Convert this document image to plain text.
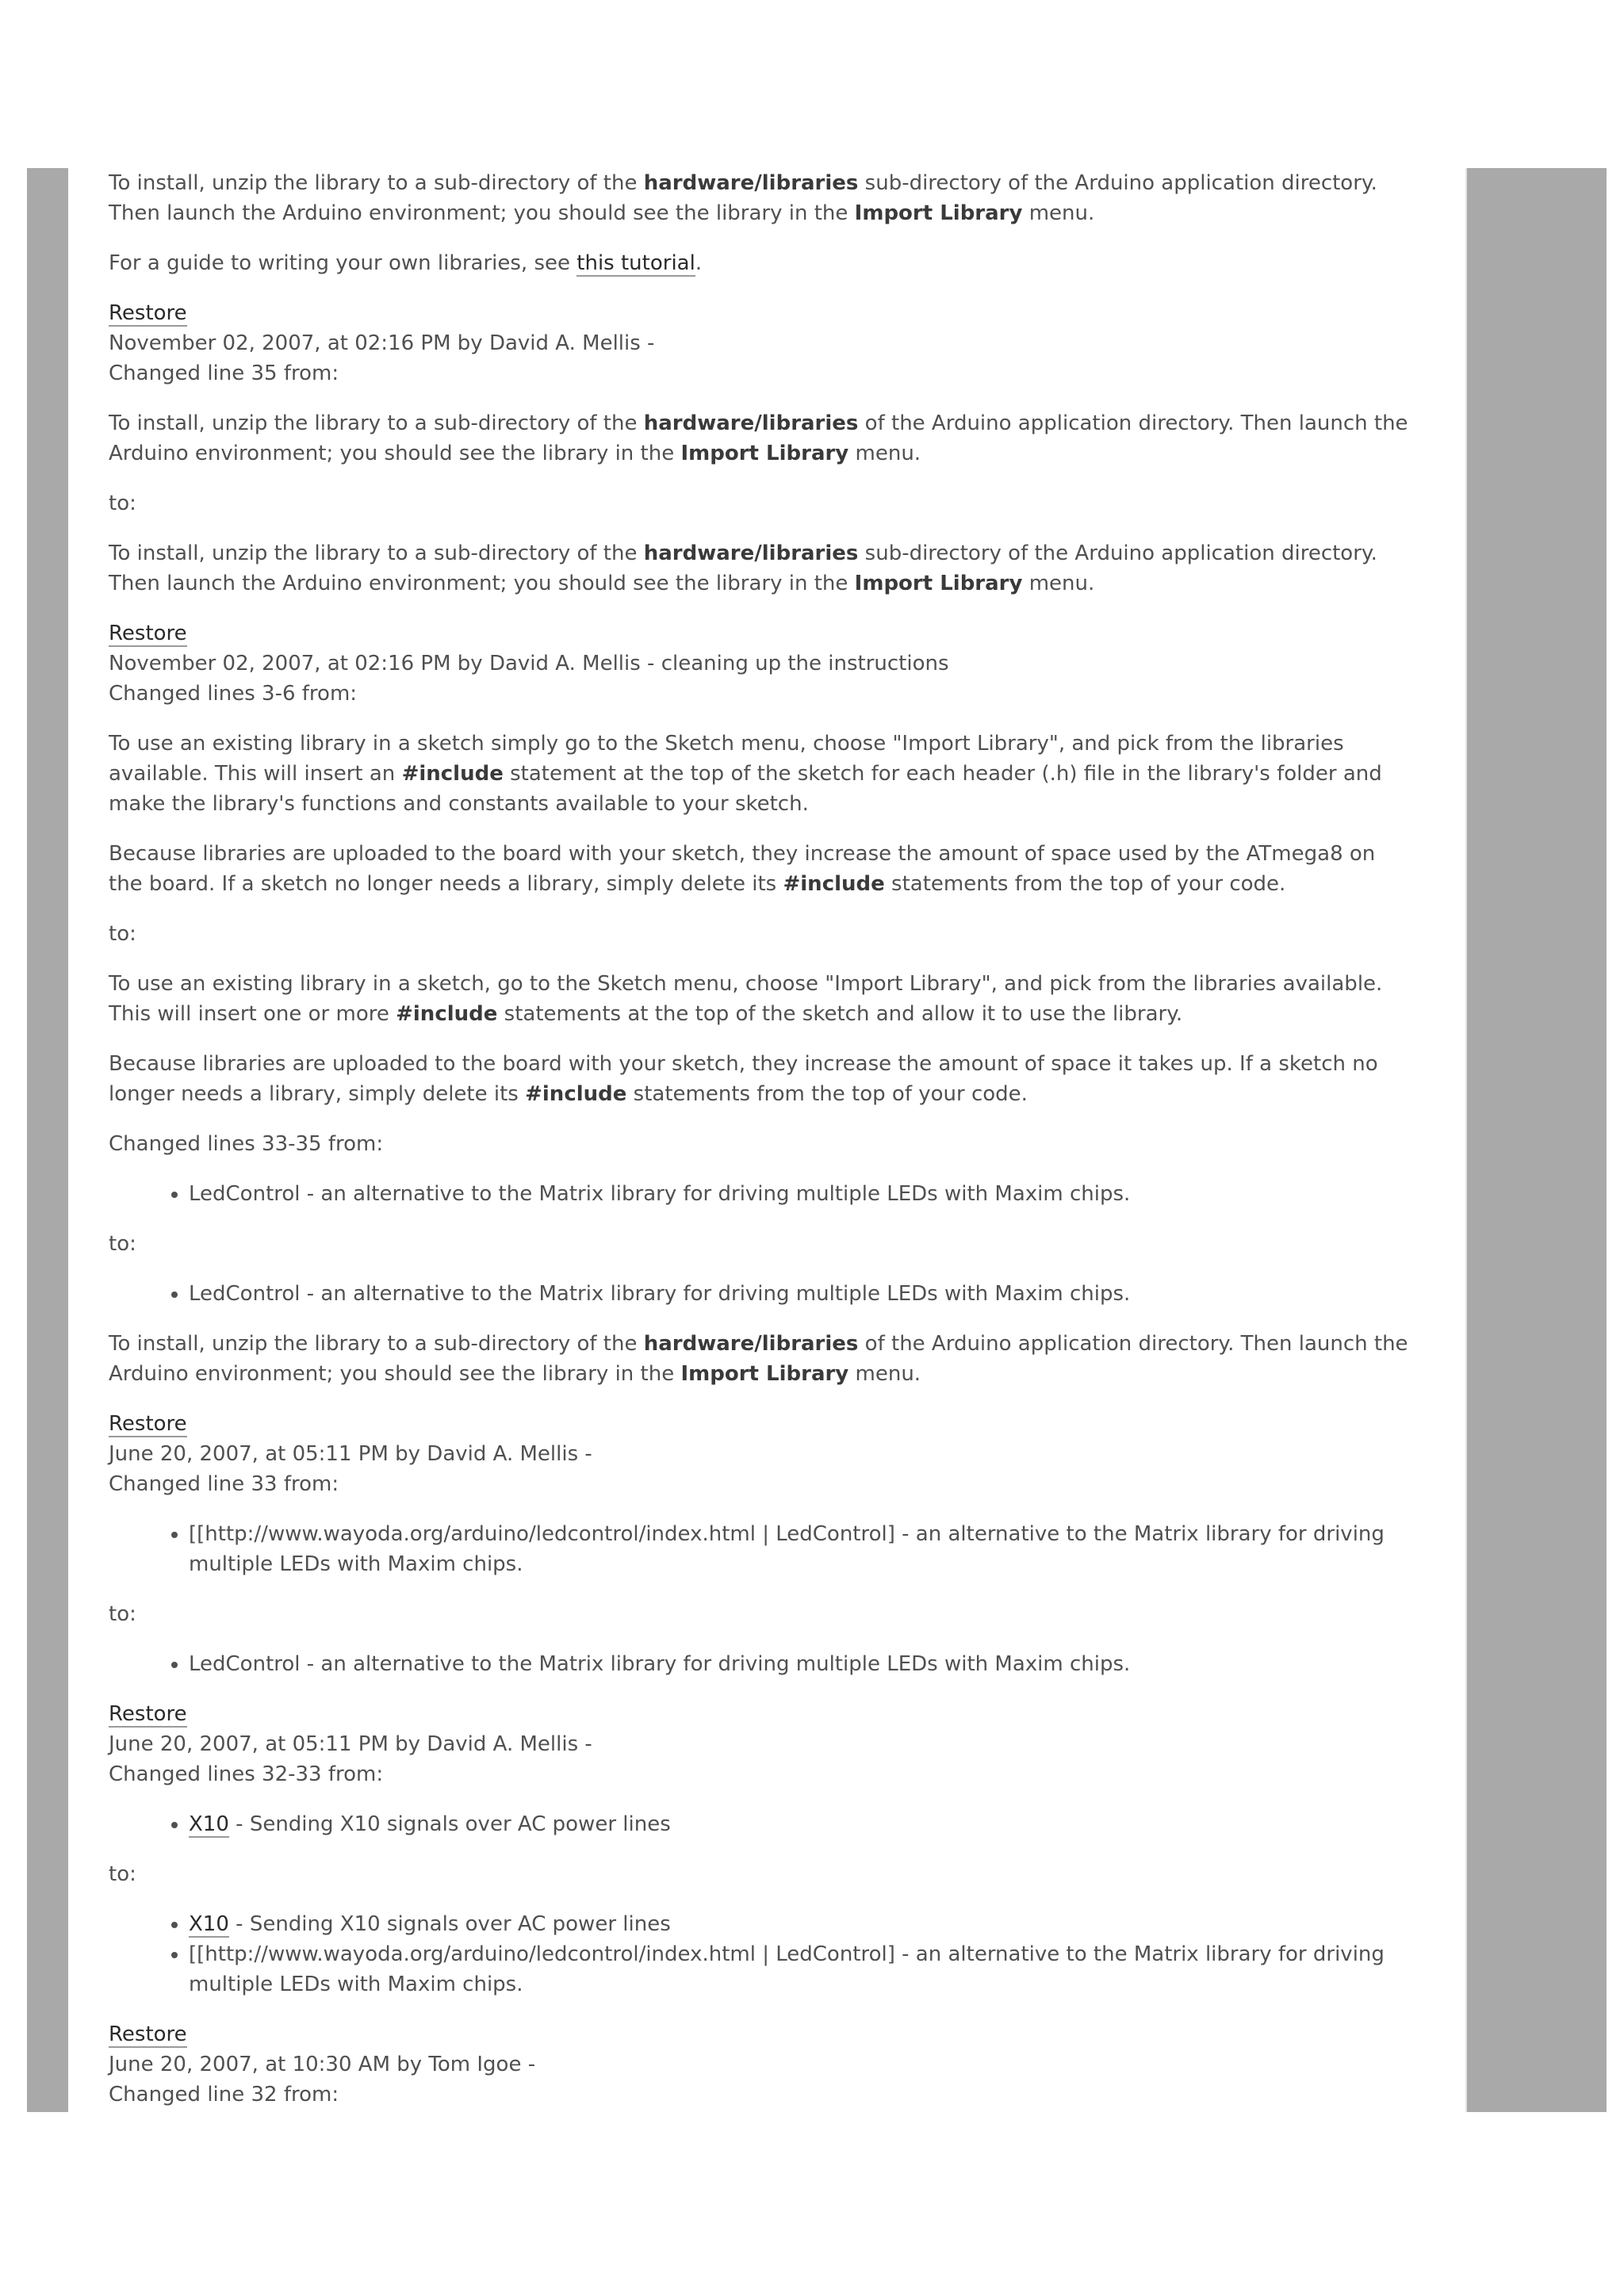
To install, unzip the library to a sub-directory of the hardware/libraries sub-directory of the Arduino application directory. Then launch the Arduino environment; you should see the library in the Import Library menu.

For a guide to writing your own libraries, see this tutorial.

Restore
November 02, 2007, at 02:16 PM by David A. Mellis -
Changed line 35 from:

To install, unzip the library to a sub-directory of the hardware/libraries of the Arduino application directory. Then launch the Arduino environment; you should see the library in the Import Library menu.

to:

To install, unzip the library to a sub-directory of the hardware/libraries sub-directory of the Arduino application directory. Then launch the Arduino environment; you should see the library in the Import Library menu.

Restore
November 02, 2007, at 02:16 PM by David A. Mellis - cleaning up the instructions
Changed lines 3-6 from:

To use an existing library in a sketch simply go to the Sketch menu, choose "Import Library", and pick from the libraries available. This will insert an #include statement at the top of the sketch for each header (.h) file in the library's folder and make the library's functions and constants available to your sketch.

Because libraries are uploaded to the board with your sketch, they increase the amount of space used by the ATmega8 on the board. If a sketch no longer needs a library, simply delete its #include statements from the top of your code.

to:

To use an existing library in a sketch, go to the Sketch menu, choose "Import Library", and pick from the libraries available. This will insert one or more #include statements at the top of the sketch and allow it to use the library.

Because libraries are uploaded to the board with your sketch, they increase the amount of space it takes up. If a sketch no longer needs a library, simply delete its #include statements from the top of your code.

Changed lines 33-35 from:

• LedControl - an alternative to the Matrix library for driving multiple LEDs with Maxim chips.

to:

• LedControl - an alternative to the Matrix library for driving multiple LEDs with Maxim chips.

To install, unzip the library to a sub-directory of the hardware/libraries of the Arduino application directory. Then launch the Arduino environment; you should see the library in the Import Library menu.

Restore
June 20, 2007, at 05:11 PM by David A. Mellis -
Changed line 33 from:
• [[http://www.wayoda.org/arduino/ledcontrol/index.html | LedControl] - an alternative to the Matrix library for driving multiple LEDs with Maxim chips.

to:

• LedControl - an alternative to the Matrix library for driving multiple LEDs with Maxim chips.
Restore
June 20, 2007, at 05:11 PM by David A. Mellis -
Changed lines 32-33 from:
• X10 - Sending X10 signals over AC power lines

to:

• X10 - Sending X10 signals over AC power lines
• [[http://www.wayoda.org/arduino/ledcontrol/index.html | LedControl] - an alternative to the Matrix library for driving multiple LEDs with Maxim chips.
Restore
June 20, 2007, at 10:30 AM by Tom Igoe -
Changed line 32 from:
